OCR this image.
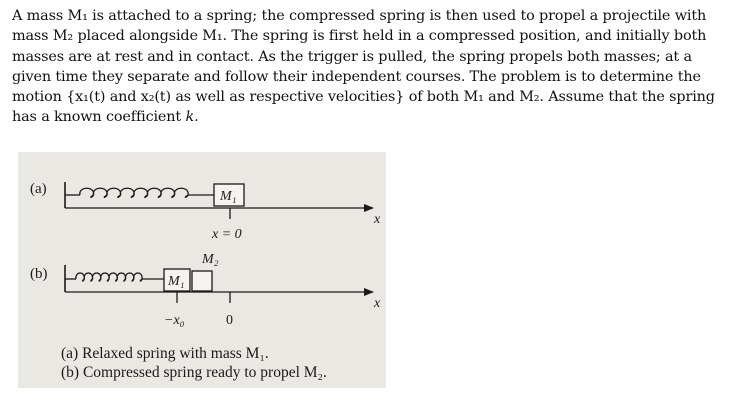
A mass M₁ is attached to a spring; the compressed spring is then used to propel a projectile with
mass M₂ placed alongside M₁. The spring is first held in a compressed position, and initially both
masses are at rest and in contact. As the trigger is pulled, the spring propels both masses; at a
given time they separate and follow their independent courses. The problem is to determine the
motion {x₁(t) and x₂(t) as well as respective velocities} of both M₁ and M₂. Assume that the spring
has a known coefficient k.
(a)	M₁
x = 0
x
M₂
(b)	M₁
−x₀	0
x
(a) Relaxed spring with mass M₁.
(b) Compressed spring ready to propel M₂.
